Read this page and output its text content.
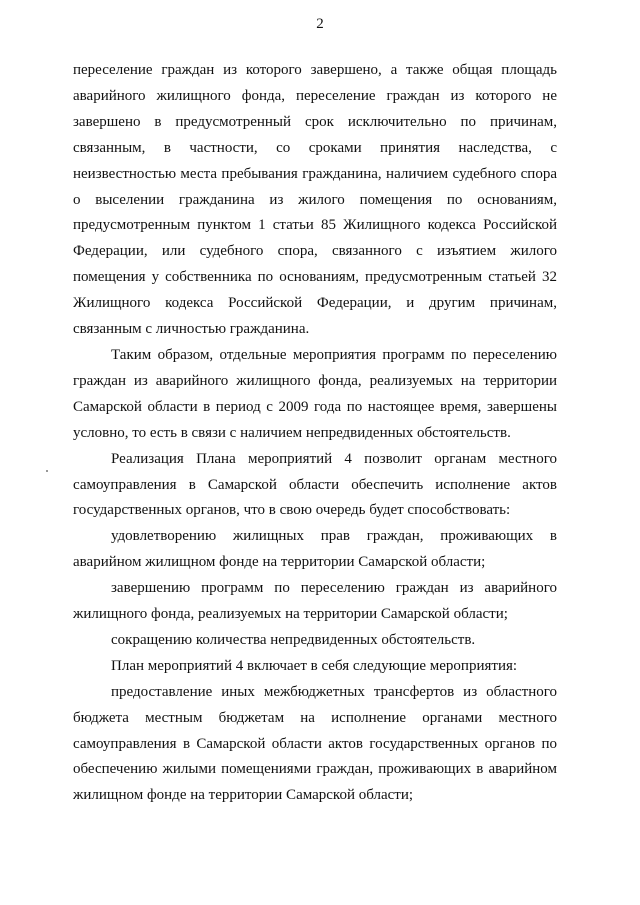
2

переселение граждан из которого завершено, а также общая площадь аварийного жилищного фонда, переселение граждан из которого не завершено в предусмотренный срок исключительно по причинам, связанным, в частности, со сроками принятия наследства, с неизвестностью места пребывания гражданина, наличием судебного спора о выселении гражданина из жилого помещения по основаниям, предусмотренным пунктом 1 статьи 85 Жилищного кодекса Российской Федерации, или судебного спора, связанного с изъятием жилого помещения у собственника по основаниям, предусмотренным статьей 32 Жилищного кодекса Российской Федерации, и другим причинам, связанным с личностью гражданина.

Таким образом, отдельные мероприятия программ по переселению граждан из аварийного жилищного фонда, реализуемых на территории Самарской области в период с 2009 года по настоящее время, завершены условно, то есть в связи с наличием непредвиденных обстоятельств.

Реализация Плана мероприятий 4 позволит органам местного самоуправления в Самарской области обеспечить исполнение актов государственных органов, что в свою очередь будет способствовать:

удовлетворению жилищных прав граждан, проживающих в аварийном жилищном фонде на территории Самарской области;

завершению программ по переселению граждан из аварийного жилищного фонда, реализуемых на территории Самарской области;

сокращению количества непредвиденных обстоятельств.

План мероприятий 4 включает в себя следующие мероприятия:

предоставление иных межбюджетных трансфертов из областного бюджета местным бюджетам на исполнение органами местного самоуправления в Самарской области актов государственных органов по обеспечению жилыми помещениями граждан, проживающих в аварийном жилищном фонде на территории Самарской области;
